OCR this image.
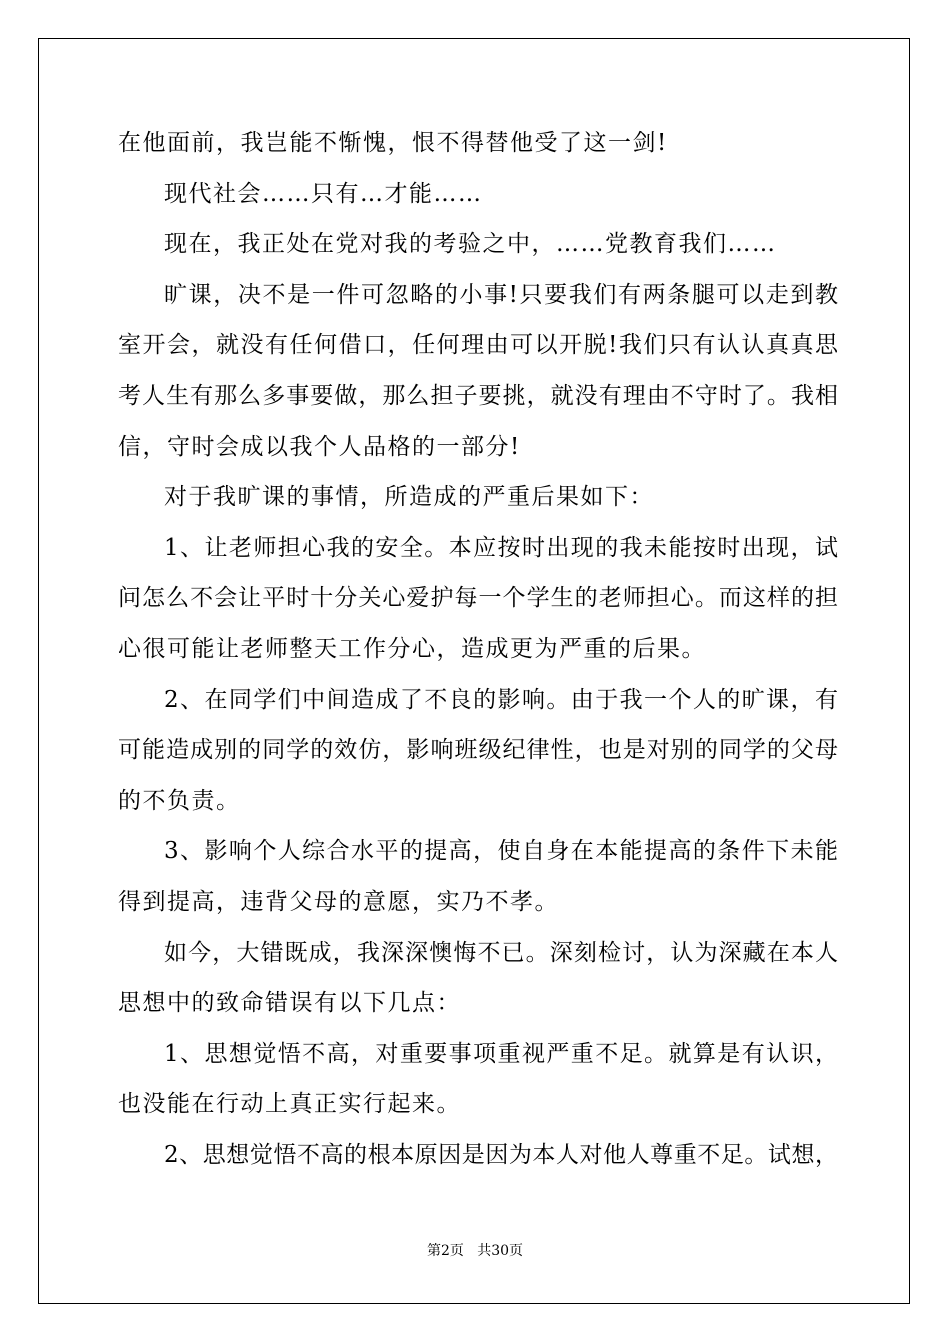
在他面前，我岂能不惭愧，恨不得替他受了这一剑!
现代社会……只有…才能……
现在，我正处在党对我的考验之中，……党教育我们……
旷课，决不是一件可忽略的小事!只要我们有两条腿可以走到教
室开会，就没有任何借口，任何理由可以开脱!我们只有认认真真思
考人生有那么多事要做，那么担子要挑，就没有理由不守时了。我相
信，守时会成以我个人品格的一部分!
对于我旷课的事情，所造成的严重后果如下：
1、让老师担心我的安全。本应按时出现的我未能按时出现，试
问怎么不会让平时十分关心爱护每一个学生的老师担心。而这样的担
心很可能让老师整天工作分心，造成更为严重的后果。
2、在同学们中间造成了不良的影响。由于我一个人的旷课，有
可能造成别的同学的效仿，影响班级纪律性，也是对别的同学的父母
的不负责。
3、影响个人综合水平的提高，使自身在本能提高的条件下未能
得到提高，违背父母的意愿，实乃不孝。
如今，大错既成，我深深懊悔不已。深刻检讨，认为深藏在本人
思想中的致命错误有以下几点：
1、思想觉悟不高，对重要事项重视严重不足。就算是有认识，
也没能在行动上真正实行起来。
2、思想觉悟不高的根本原因是因为本人对他人尊重不足。试想，
第2页   共30页
